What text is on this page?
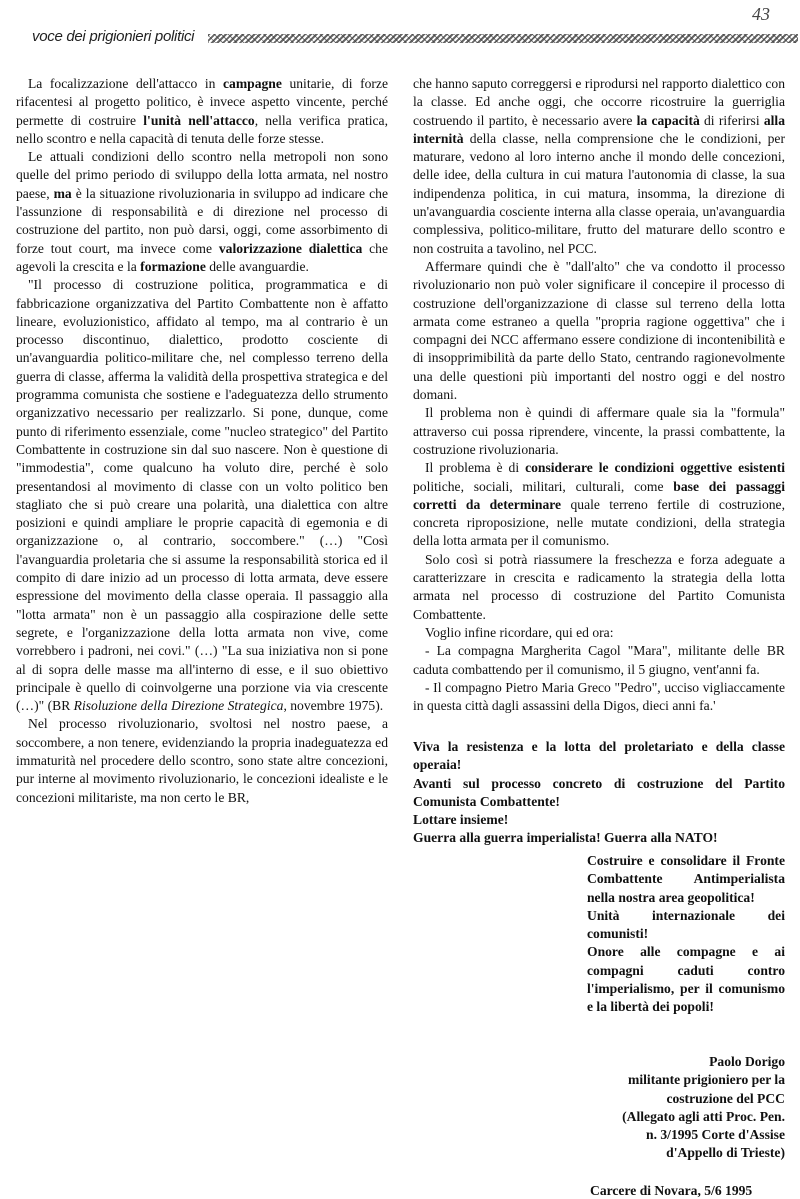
voce dei prigionieri politici
43

La focalizzazione dell'attacco in campagne unitarie, di forze rifacentesi al progetto politico, è invece aspetto vincente, perché permette di costruire l'unità nell'attacco, nella verifica pratica, nello scontro e nella capacità di tenuta delle forze stesse.

Le attuali condizioni dello scontro nella metropoli non sono quelle del primo periodo di sviluppo della lotta armata, nel nostro paese, ma è la situazione rivoluzionaria in sviluppo ad indicare che l'assunzione di responsabilità e di direzione nel processo di costruzione del partito, non può darsi, oggi, come assorbimento di forze tout court, ma invece come valorizzazione dialettica che agevoli la crescita e la formazione delle avanguardie.

"Il processo di costruzione politica, programmatica e di fabbricazione organizzativa del Partito Combattente non è affatto lineare, evoluzionistico, affidato al tempo, ma al contrario è un processo discontinuo, dialettico, prodotto cosciente di un'avanguardia politico-militare che, nel complesso terreno della guerra di classe, afferma la validità della prospettiva strategica e del programma comunista che sostiene e l'adeguatezza dello strumento organizzativo necessario per realizzarlo. Si pone, dunque, come punto di riferimento essenziale, come "nucleo strategico" del Partito Combattente in costruzione sin dal suo nascere. Non è questione di "immodestia", come qualcuno ha voluto dire, perché è solo presentandosi al movimento di classe con un volto politico ben stagliato che si può creare una polarità, una dialettica con altre posizioni e quindi ampliare le proprie capacità di egemonia e di organizzazione o, al contrario, soccombere." (…) "Così l'avanguardia proletaria che si assume la responsabilità storica ed il compito di dare inizio ad un processo di lotta armata, deve essere espressione del movimento della classe operaia. Il passaggio alla "lotta armata" non è un passaggio alla cospirazione delle sette segrete, e l'organizzazione della lotta armata non vive, come vorrebbero i padroni, nei covi." (…) "La sua iniziativa non si pone al di sopra delle masse ma all'interno di esse, e il suo obiettivo principale è quello di coinvolgerne una porzione via via crescente (…)" (BR Risoluzione della Direzione Strategica, novembre 1975).

Nel processo rivoluzionario, svoltosi nel nostro paese, a soccombere, a non tenere, evidenziando la propria inadeguatezza ed immaturità nel procedere dello scontro, sono state altre concezioni, pur interne al movimento rivoluzionario, le concezioni idealiste e le concezioni militariste, ma non certo le BR,

che hanno saputo correggersi e riprodursi nel rapporto dialettico con la classe. Ed anche oggi, che occorre ricostruire la guerriglia costruendo il partito, è necessario avere la capacità di riferirsi alla internità della classe, nella comprensione che le condizioni, per maturare, vedono al loro interno anche il mondo delle concezioni, delle idee, della cultura in cui matura l'autonomia di classe, la sua indipendenza politica, in cui matura, insomma, la direzione di un'avanguardia cosciente interna alla classe operaia, un'avanguardia complessiva, politico-militare, frutto del maturare dello scontro e non costruita a tavolino, nel PCC.

Affermare quindi che è "dall'alto" che va condotto il processo rivoluzionario non può voler significare il concepire il processo di costruzione dell'organizzazione di classe sul terreno della lotta armata come estraneo a quella "propria ragione oggettiva" che i compagni dei NCC affermano essere condizione di incontenibilità e di insopprimibilità da parte dello Stato, centrando ragionevolmente una delle questioni più importanti del nostro oggi e del nostro domani.

Il problema non è quindi di affermare quale sia la "formula" attraverso cui possa riprendere, vincente, la prassi combattente, la costruzione rivoluzionaria.

Il problema è di considerare le condizioni oggettive esistenti politiche, sociali, militari, culturali, come base dei passaggi corretti da determinare quale terreno fertile di costruzione, concreta riproposizione, nelle mutate condizioni, della strategia della lotta armata per il comunismo.

Solo così si potrà riassumere la freschezza e forza adeguate a caratterizzare in crescita e radicamento la strategia della lotta armata nel processo di costruzione del Partito Comunista Combattente.

Voglio infine ricordare, qui ed ora:

- La compagna Margherita Cagol "Mara", militante delle BR caduta combattendo per il comunismo, il 5 giugno, vent'anni fa.

- Il compagno Pietro Maria Greco "Pedro", ucciso vigliaccamente in questa città dagli assassini della Digos, dieci anni fa.'

Viva la resistenza e la lotta del proletariato e della classe operaia!

Avanti sul processo concreto di costruzione del Partito Comunista Combattente!

Lottare insieme!

Guerra alla guerra imperialista! Guerra alla NATO!

Costruire e consolidare il Fronte Combattente Antimperialista nella nostra area geopolitica!

Unità internazionale dei comunisti!

Onore alle compagne e ai compagni caduti contro l'imperialismo, per il comunismo e la libertà dei popoli!

Paolo Dorigo

militante prigioniero per la

costruzione del PCC

(Allegato agli atti Proc. Pen.

n. 3/1995 Corte d'Assise

d'Appello di Trieste)

Carcere di Novara, 5/6 1995
